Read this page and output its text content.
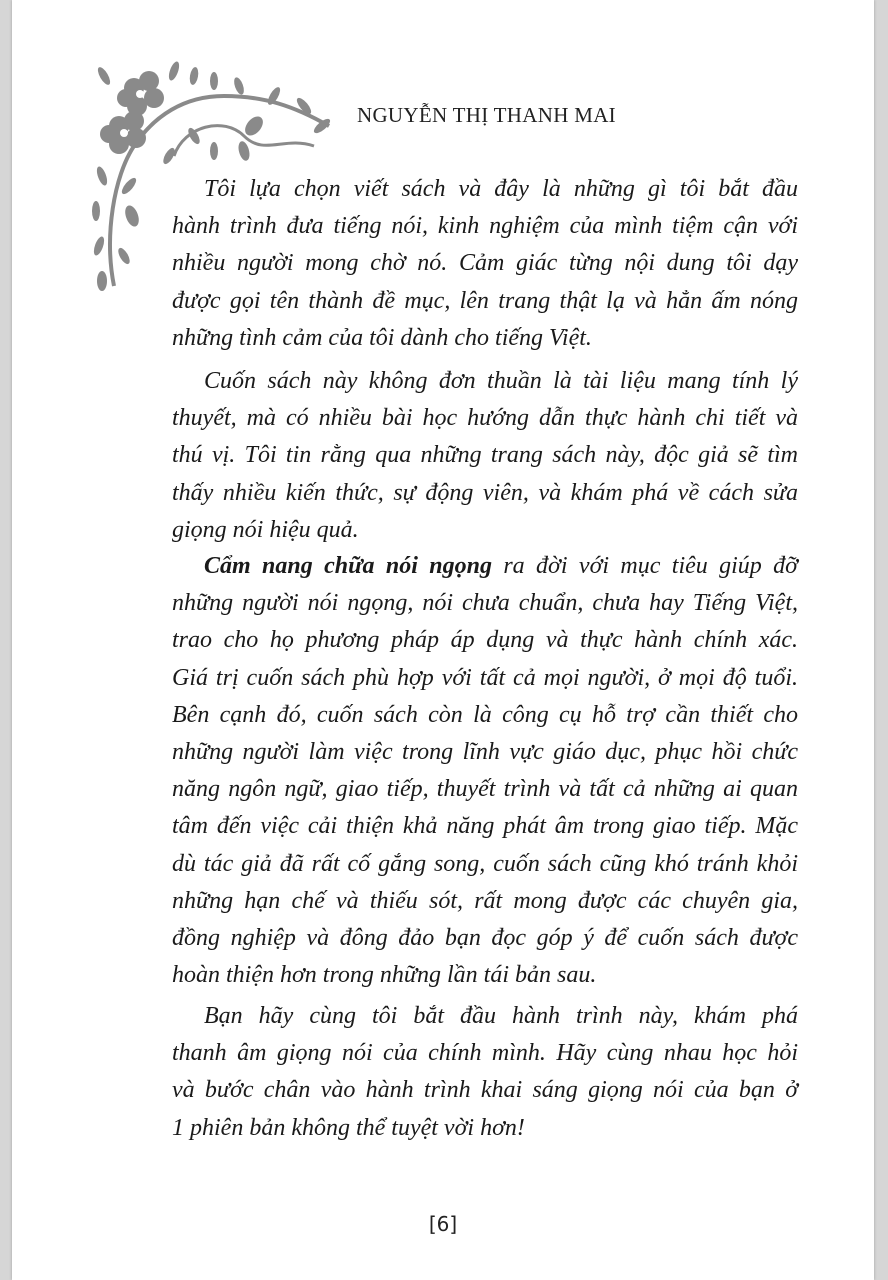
NGUYỄN THỊ THANH MAI
Tôi lựa chọn viết sách và đây là những gì tôi bắt đầu
hành trình đưa tiếng nói, kinh nghiệm của mình tiệm cận với
nhiều người mong chờ nó. Cảm giác từng nội dung tôi dạy
được gọi tên thành đề mục, lên trang thật lạ và hẳn ấm nóng
những tình cảm của tôi dành cho tiếng Việt.
Cuốn sách này không đơn thuần là tài liệu mang tính lý
thuyết, mà có nhiều bài học hướng dẫn thực hành chi tiết và
thú vị. Tôi tin rằng qua những trang sách này, độc giả sẽ tìm
thấy nhiều kiến thức, sự động viên, và khám phá về cách sửa
giọng nói hiệu quả.
Cẩm nang chữa nói ngọng ra đời với mục tiêu giúp đỡ
những người nói ngọng, nói chưa chuẩn, chưa hay Tiếng Việt,
trao cho họ phương pháp áp dụng và thực hành chính xác.
Giá trị cuốn sách phù hợp với tất cả mọi người, ở mọi độ tuổi.
Bên cạnh đó, cuốn sách còn là công cụ hỗ trợ cần thiết cho
những người làm việc trong lĩnh vực giáo dục, phục hồi chức
năng ngôn ngữ, giao tiếp, thuyết trình và tất cả những ai quan
tâm đến việc cải thiện khả năng phát âm trong giao tiếp. Mặc
dù tác giả đã rất cố gắng song, cuốn sách cũng khó tránh khỏi
những hạn chế và thiếu sót, rất mong được các chuyên gia,
đồng nghiệp và đông đảo bạn đọc góp ý để cuốn sách được
hoàn thiện hơn trong những lần tái bản sau.
Bạn hãy cùng tôi bắt đầu hành trình này, khám phá
thanh âm giọng nói của chính mình. Hãy cùng nhau học hỏi
và bước chân vào hành trình khai sáng giọng nói của bạn ở
1 phiên bản không thể tuyệt vời hơn!
[6]
